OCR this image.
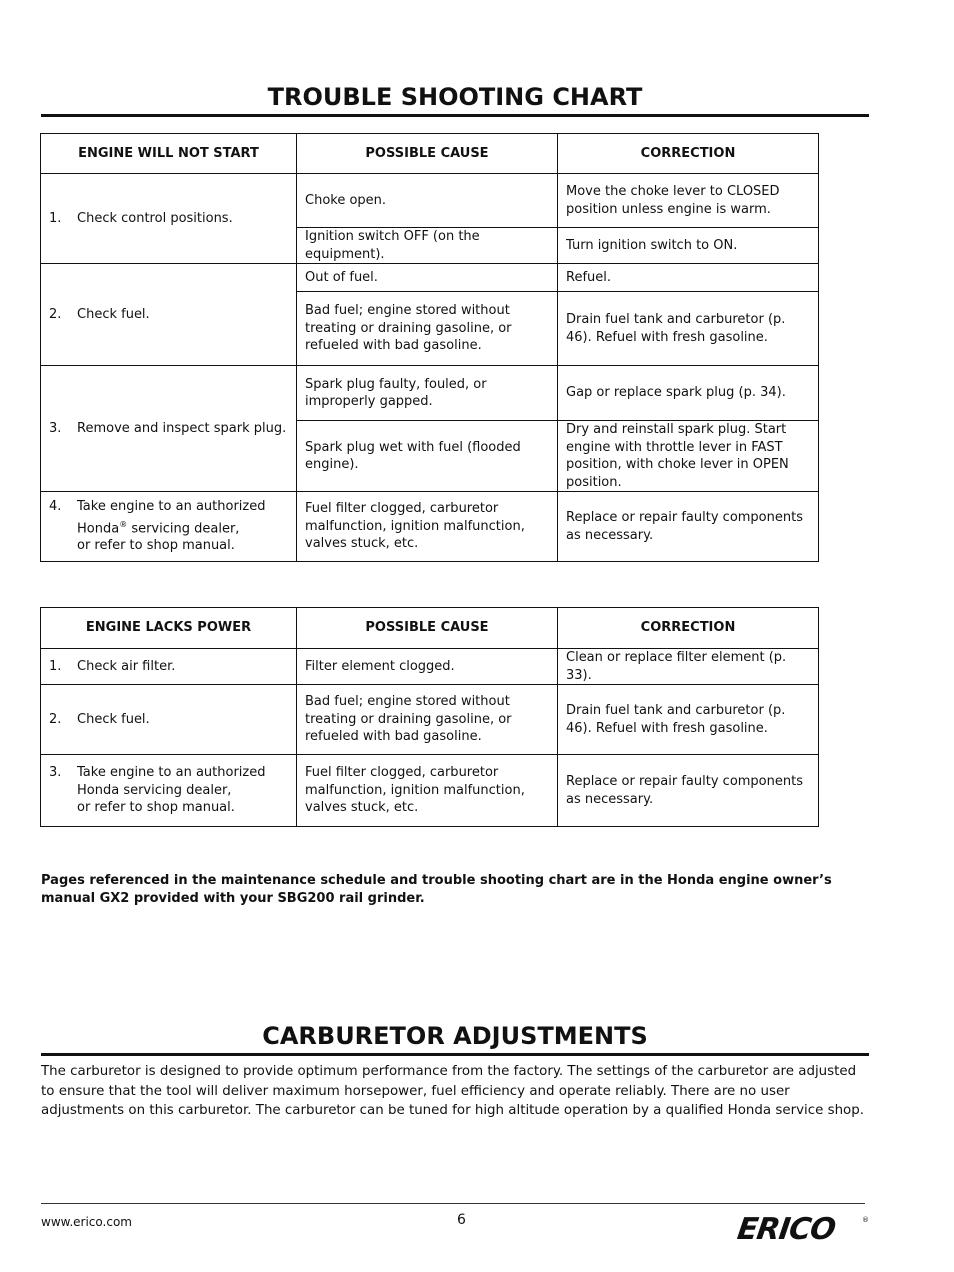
TROUBLE SHOOTING CHART
ENGINE WILL NOT START	POSSIBLE CAUSE	CORRECTION

1. Check control positions.	Choke open.	Move the choke lever to CLOSED position unless engine is warm.
	Ignition switch OFF (on the equipment).	Turn ignition switch to ON.

2. Check fuel.	Out of fuel.	Refuel.
	Bad fuel; engine stored without treating or draining gasoline, or refueled with bad gasoline.	Drain fuel tank and carburetor (p. 46). Refuel with fresh gasoline.

3. Remove and inspect spark plug.	Spark plug faulty, fouled, or improperly gapped.	Gap or replace spark plug (p. 34).
	Spark plug wet with fuel (flooded engine).	Dry and reinstall spark plug. Start engine with throttle lever in FAST position, with choke lever in OPEN position.

4. Take engine to an authorized
Honda® servicing dealer,
or refer to shop manual.	Fuel filter clogged, carburetor malfunction, ignition malfunction, valves stuck, etc.	Replace or repair faulty components as necessary.
ENGINE LACKS POWER	POSSIBLE CAUSE	CORRECTION

1. Check air filter.	Filter element clogged.	Clean or replace filter element (p. 33).

2. Check fuel.	Bad fuel; engine stored without treating or draining gasoline, or refueled with bad gasoline.	Drain fuel tank and carburetor (p. 46). Refuel with fresh gasoline.

3. Take engine to an authorized
Honda servicing dealer,
or refer to shop manual.	Fuel filter clogged, carburetor malfunction, ignition malfunction, valves stuck, etc.	Replace or repair faulty components as necessary.
Pages referenced in the maintenance schedule and trouble shooting chart are in the Honda engine owner’s manual GX2 provided with your SBG200 rail grinder.
CARBURETOR ADJUSTMENTS
The carburetor is designed to provide optimum performance from the factory. The settings of the carburetor are adjusted to ensure that the tool will deliver maximum horsepower, fuel efficiency and operate reliably. There are no user adjustments on this carburetor. The carburetor can be tuned for high altitude operation by a qualified Honda service shop.
www.erico.com	6	ERICO	®
